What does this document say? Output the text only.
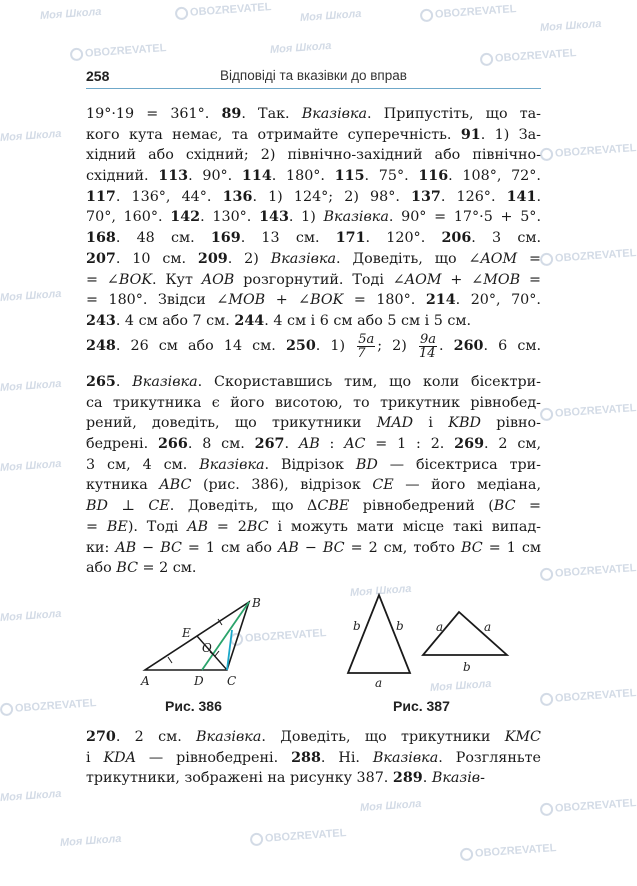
Моя Школа	OBOZREVATEL	Моя Школа	OBOZREVATEL
Моя Школа
OBOZREVATEL	Моя Школа	OBOZREVATEL
Моя Школа
OBOZREVATEL
Моя Школа
OBOZREVATEL
Моя Школа
OBOZREVATEL
Моя Школа
OBOZREVATEL
Моя Школа
OBOZREVATEL
Моя Школа
OBOZREVATEL
Моя Школа
OBOZREVATEL
Моя Школа
OBOZREVATEL
Моя Школа	OBOZREVATEL
Моя Школа
OBOZREVATEL
258	Відповіді та вказівки до вправ
19°·19 = 361°. 89. Так. Вказівка. Припустіть, що та-
кого кута немає, та отримайте суперечність. 91. 1) За-
хідний або східний; 2) північно-західний або північно-
східний. 113. 90°. 114. 180°. 115. 75°. 116. 108°, 72°.
117. 136°, 44°. 136. 1) 124°; 2) 98°. 137. 126°. 141.
70°, 160°. 142. 130°. 143. 1) Вказівка. 90° = 17°·5 + 5°.
168. 48 см. 169. 13 см. 171. 120°. 206. 3 см.
207. 10 см. 209. 2) Вказівка. Доведіть, що ∠AOM =
= ∠BOK. Кут AOB розгорнутий. Тоді ∠AOM + ∠MOB =
= 180°. Звідси ∠MOB + ∠BOK = 180°. 214. 20°, 70°.
243. 4 см або 7 см. 244. 4 см і 6 см або 5 см і 5 см.
248. 26 см або 14 см. 250. $1) \frac{5a}{7}$ ; $2) \frac{9a}{14}$ . 260. 6 см.
265. Вказівка. Скориставшись тим, що коли бісектри-
са трикутника є його висотою, то трикутник рівнобед-
рений, доведіть, що трикутники MAD і KBD рівно-
бедрені. 266. 8 см. 267. AB : AC = 1 : 2. 269. 2 см,
3 см, 4 см. Вказівка. Відрізок BD — бісектриса три-
кутника ABC (рис. 386), відрізок CE — його медіана,
BD ⊥ CE. Доведіть, що ΔCBE рівнобедрений (BC =
= BE). Тоді AB = 2BC і можуть мати місце такі випад-
ки: AB − BC = 1 см або AB − BC = 2 см, тобто BC = 1 см
або BC = 2 см.
A
B
C
D
E
O
Рис. 386
b	b
a
a	a
b
Рис. 387
270. 2 см. Вказівка. Доведіть, що трикутники KMC
і KDA — рівнобедрені. 288. Ні. Вказівка. Розгляньте
трикутники, зображені на рисунку 387. 289. Вказів-
